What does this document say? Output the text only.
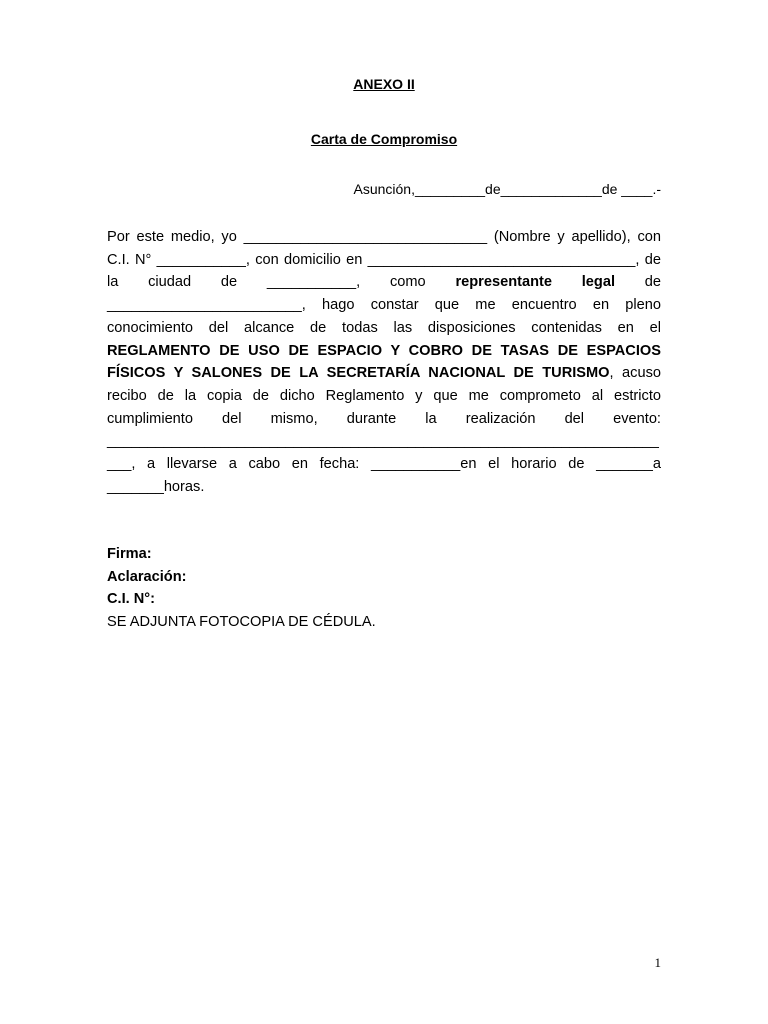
ANEXO II

Carta de Compromiso

Asunción,_________de_____________de ____.-

Por este medio, yo ______________________________ (Nombre y apellido), con C.I. N° ___________, con domicilio en _________________________________, de la ciudad de ___________, como representante legal de ________________________, hago constar que me encuentro en pleno conocimiento del alcance de todas las disposiciones contenidas en el REGLAMENTO DE USO DE ESPACIO Y COBRO DE TASAS DE ESPACIOS FÍSICOS Y SALONES DE LA SECRETARÍA NACIONAL DE TURISMO, acuso recibo de la copia de dicho Reglamento y que me comprometo al estricto cumplimiento del mismo, durante la realización del evento: ____________________________________________________________________ ___, a llevarse a cabo en fecha: ___________en el horario de _______a _______horas.

Firma:
Aclaración:
C.I. N°:
SE ADJUNTA FOTOCOPIA DE CÉDULA.
1
